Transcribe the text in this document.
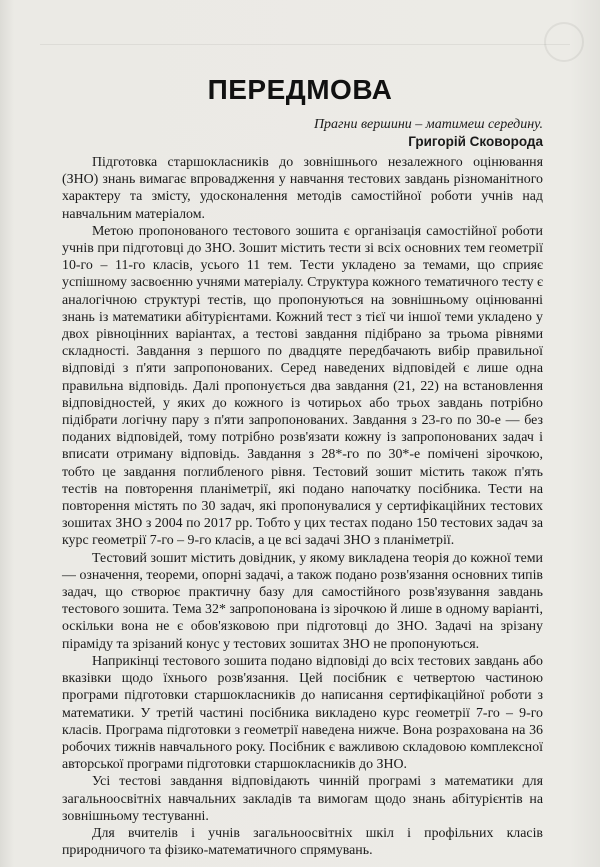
ПЕРЕДМОВА
Прагни вершини – матимеш середину.
Григорій Сковорода

Підготовка старшокласників до зовнішнього незалежного оцінювання (ЗНО) знань вимагає впровадження у навчання тестових завдань різноманітного характеру та змісту, удосконалення методів самостійної роботи учнів над навчальним матеріалом.

Метою пропонованого тестового зошита є організація самостійної роботи учнів при підготовці до ЗНО. Зошит містить тести зі всіх основних тем геометрії 10-го – 11-го класів, усього 11 тем. Тести укладено за темами, що сприяє успішному засвоєнню учнями матеріалу. Структура кожного тематичного тесту є аналогічною структурі тестів, що пропонуються на зовнішньому оцінюванні знань із математики абітурієнтами. Кожний тест з тієї чи іншої теми укладено у двох рівноцінних варіантах, а тестові завдання підібрано за трьома рівнями складності. Завдання з першого по двадцяте передбачають вибір правильної відповіді з п'яти запропонованих. Серед наведених відповідей є лише одна правильна відповідь. Далі пропонується два завдання (21, 22) на встановлення відповідностей, у яких до кожного із чотирьох або трьох завдань потрібно підібрати логічну пару з п'яти запропонованих. Завдання з 23-го по 30-е — без поданих відповідей, тому потрібно розв'язати кожну із запропонованих задач і вписати отриману відповідь. Завдання з 28*-го по 30*-е помічені зірочкою, тобто це завдання поглибленого рівня. Тестовий зошит містить також п'ять тестів на повторення планіметрії, які подано напочатку посібника. Тести на повторення містять по 30 задач, які пропонувалися у сертифікаційних тестових зошитах ЗНО з 2004 по 2017 рр. Тобто у цих тестах подано 150 тестових задач за курс геометрії 7-го – 9-го класів, а це всі задачі ЗНО з планіметрії.

Тестовий зошит містить довідник, у якому викладена теорія до кожної теми — означення, теореми, опорні задачі, а також подано розв'язання основних типів задач, що створює практичну базу для самостійного розв'язування завдань тестового зошита. Тема 32* запропонована із зірочкою й лише в одному варіанті, оскільки вона не є обов'язковою при підготовці до ЗНО. Задачі на зрізану піраміду та зрізаний конус у тестових зошитах ЗНО не пропонуються.

Наприкінці тестового зошита подано відповіді до всіх тестових завдань або вказівки щодо їхнього розв'язання. Цей посібник є четвертою частиною програми підготовки старшокласників до написання сертифікаційної роботи з математики. У третій частині посібника викладено курс геометрії 7-го – 9-го класів. Програма підготовки з геометрії наведена нижче. Вона розрахована на 36 робочих тижнів навчального року. Посібник є важливою складовою комплексної авторської програми підготовки старшокласників до ЗНО.

Усі тестові завдання відповідають чинній програмі з математики для загальноосвітніх навчальних закладів та вимогам щодо знань абітурієнтів на зовнішньому тестуванні.

Для вчителів і учнів загальноосвітніх шкіл і профільних класів природничого та фізико-математичного спрямувань.
